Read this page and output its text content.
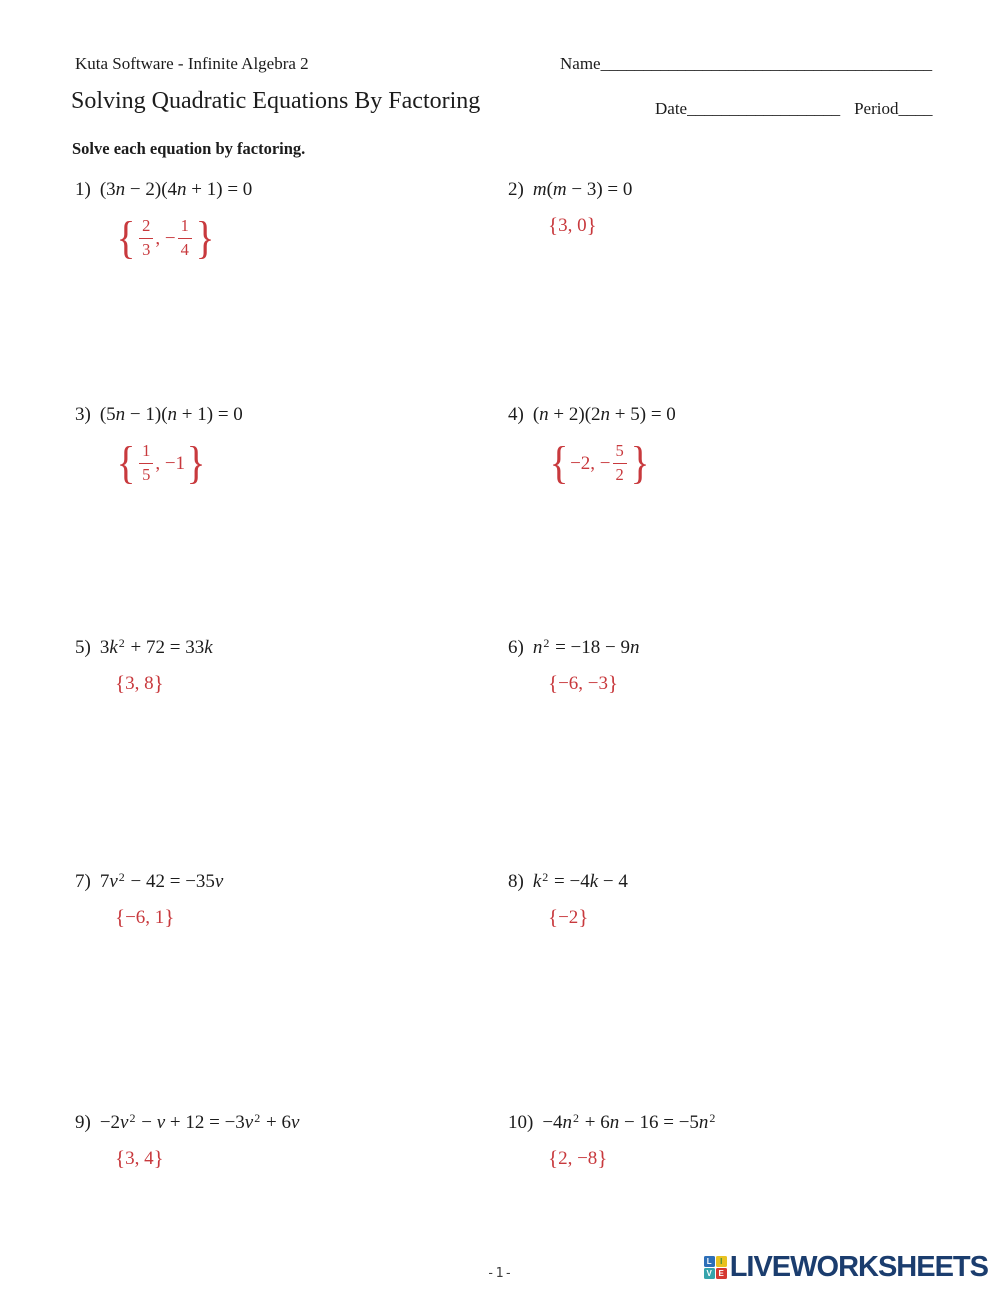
Kuta Software - Infinite Algebra 2	Name_______________________________________
Solving Quadratic Equations By Factoring	Date__________________ Period____
Solve each equation by factoring.
1) (3n − 2)(4n + 1) = 0
{ $\frac{2}{3}$ , − $\frac{1}{4}$ }
2) m(m − 3) = 0
{ 3, 0 }
3) (5n − 1)(n + 1) = 0
{ $\frac{1}{5}$ , −1 }
4) (n + 2)(2n + 5) = 0
{ −2, − $\frac{5}{2}$ }
5) $3k^2 + 72 = 33k$
{ 3, 8 }
6) $n^2 = -18 - 9n$
{ −6, −3 }
7) $7v^2 - 42 = -35v$
{ −6, 1 }
8) $k^2 = -4k - 4$
{ −2 }
$9) -2v^2 - v + 12 = -3v^2 + 6v$
{ 3, 4 }
$10) -4n^2 + 6n - 16 = -5n^2$
{ 2, −8 }
-1-
L	I
V E LIVEWORKSHEETS
